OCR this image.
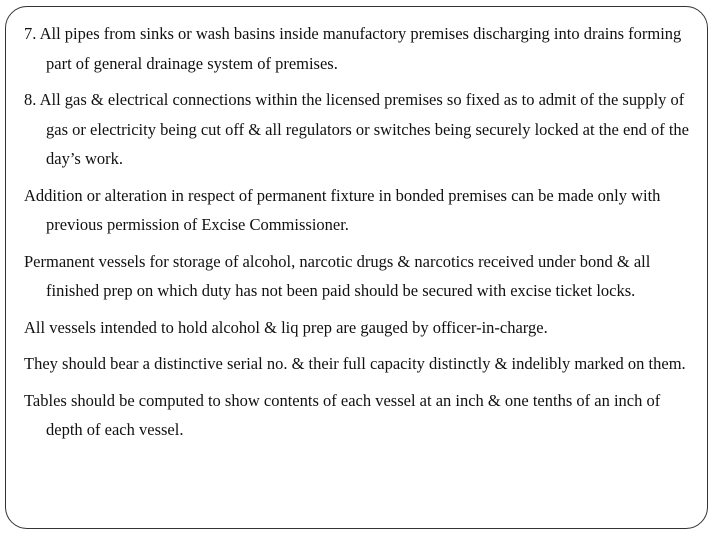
7. All pipes from sinks or wash basins inside manufactory premises discharging into drains forming part of general drainage system of premises.

8. All gas & electrical connections within the licensed premises so fixed as to admit of the supply of gas or electricity being cut off & all regulators or switches being securely locked at the end of the day’s work.

Addition or alteration in respect of permanent fixture in bonded premises can be made only with previous permission of Excise Commissioner.

Permanent vessels for storage of alcohol, narcotic drugs & narcotics received under bond & all finished prep on which duty has not been paid should be secured with excise ticket locks.

All vessels intended to hold alcohol & liq prep are gauged by officer-in-charge.

They should bear a distinctive serial no. & their full capacity distinctly & indelibly marked on them.

Tables should be computed to show contents of each vessel at an inch & one tenths of an inch of depth of each vessel.
